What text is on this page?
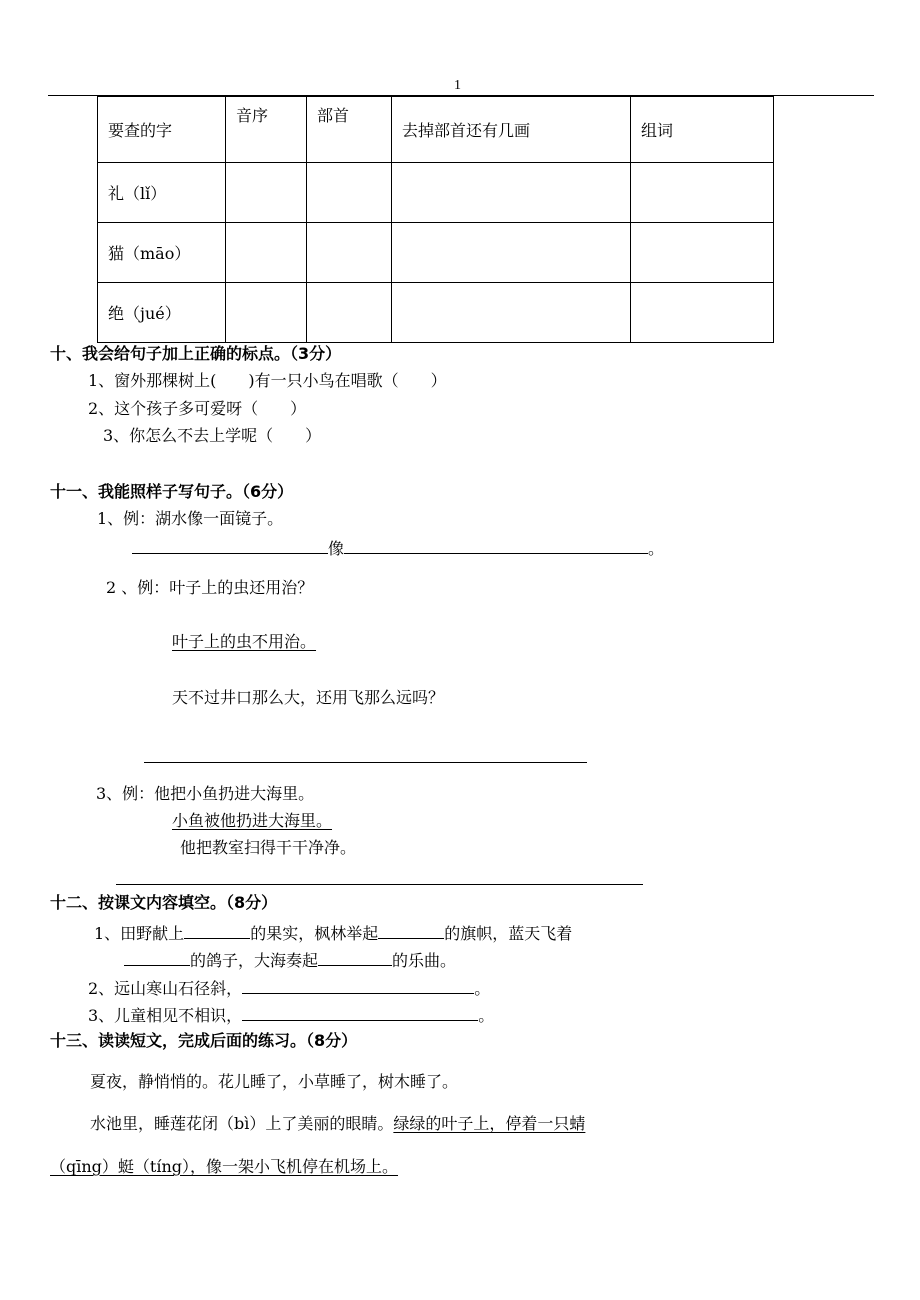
1
要查的字	音序	部首	去掉部首还有几画	组词
礼（lǐ）				
猫（māo）				
绝（jué）				
十、我会给句子加上正确的标点。（3分）
1、窗外那棵树上(　　)有一只小鸟在唱歌（　　）
2、这个孩子多可爱呀（　　）
3、你怎么不去上学呢（　　）
十一、我能照样子写句子。（6分）
1、例：湖水像一面镜子。
像	。
2 、例：叶子上的虫还用治？
叶子上的虫不用治。
天不过井口那么大，还用飞那么远吗？
3、例：他把小鱼扔进大海里。
小鱼被他扔进大海里。
他把教室扫得干干净净。
十二、按课文内容填空。（8分）
1、田野献上	的果实，枫林举起	的旗帜，蓝天飞着
的鸽子，大海奏起	的乐曲。
2、远山寒山石径斜，	。
3、儿童相见不相识，	。
十三、读读短文，完成后面的练习。（8分）
夏夜，静悄悄的。花儿睡了，小草睡了，树木睡了。
水池里，睡莲花闭（bì）上了美丽的眼睛。绿绿的叶子上，停着一只蜻
（qīng）蜓（tíng），像一架小飞机停在机场上。
